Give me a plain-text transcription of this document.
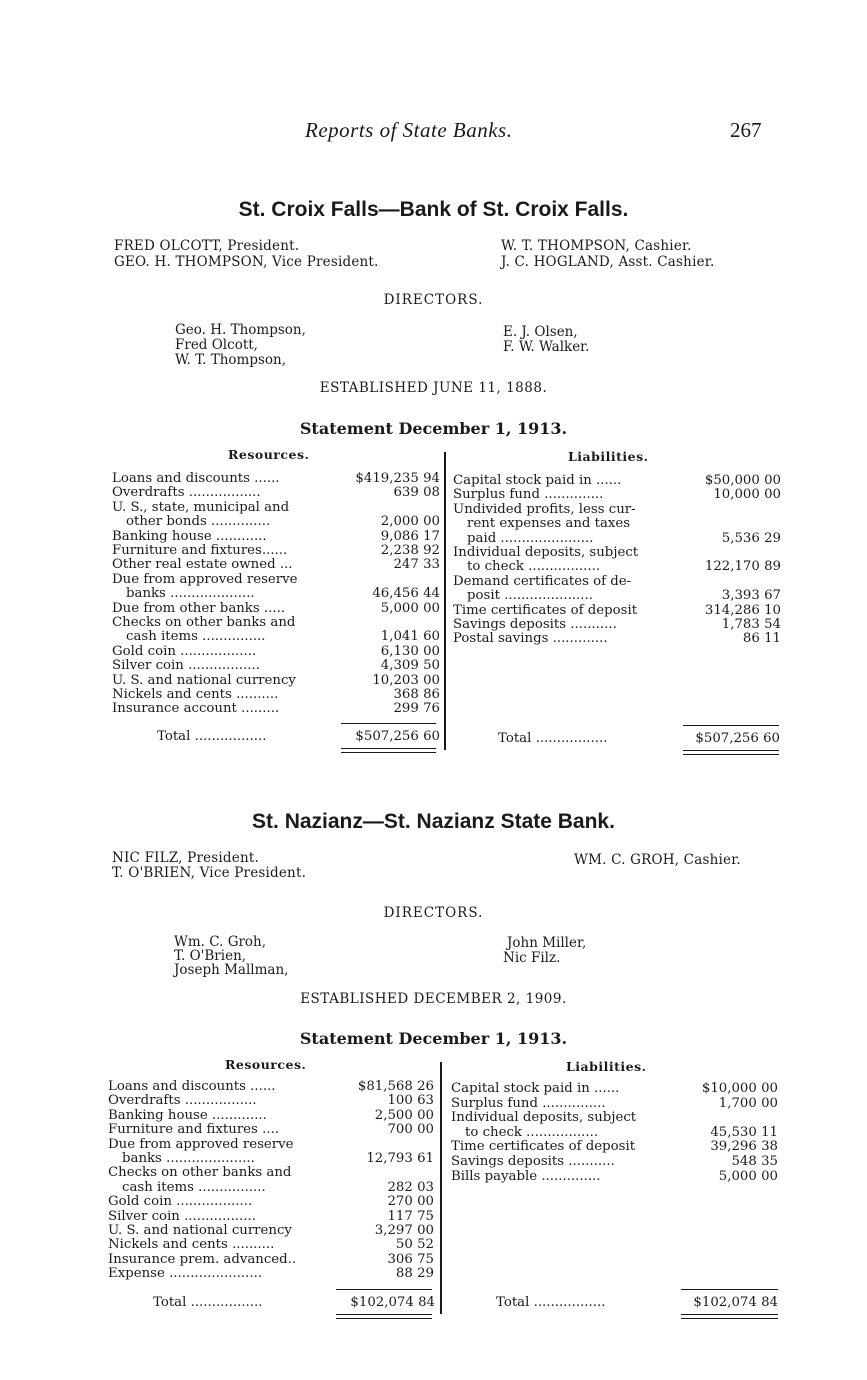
Reports of State Banks.	267
St. Croix Falls—Bank of St. Croix Falls.
FRED OLCOTT, President.
GEO. H. THOMPSON, Vice President.
W. T. THOMPSON, Cashier.
J. C. HOGLAND, Asst. Cashier.
DIRECTORS.
Geo. H. Thompson,
Fred Olcott,
W. T. Thompson,
E. J. Olsen,
F. W. Walker.
ESTABLISHED JUNE 11, 1888.
Statement December 1, 1913.
Resources.	Liabilities.
Loans and discounts ......	$419,235 94
Overdrafts .................	639 08
U. S., state, municipal and
other bonds ..............	2,000 00
Banking house ............	9,086 17
Furniture and fixtures......	2,238 92
Other real estate owned ...	247 33
Due from approved reserve
banks ....................	46,456 44
Due from other banks .....	5,000 00
Checks on other banks and
cash items ...............	1,041 60
Gold coin ..................	6,130 00
Silver coin .................	4,309 50
U. S. and national currency	10,203 00
Nickels and cents ..........	368 86
Insurance account .........	299 76
Capital stock paid in ......	$50,000 00
Surplus fund ..............	10,000 00
Undivided profits, less cur-
rent expenses and taxes
paid ......................	5,536 29
Individual deposits, subject
to check .................	122,170 89
Demand certificates of de-
posit .....................	3,393 67
Time certificates of deposit	314,286 10
Savings deposits ...........	1,783 54
Postal savings .............	86 11
Total .................	$507,256 60	Total .................	$507,256 60
St. Nazianz—St. Nazianz State Bank.
NIC FILZ, President.
T. O'BRIEN, Vice President.
WM. C. GROH, Cashier.
DIRECTORS.
Wm. C. Groh,
T. O'Brien,
Joseph Mallman,
John Miller,
Nic Filz.
ESTABLISHED DECEMBER 2, 1909.
Statement December 1, 1913.
Resources.	Liabilities.
Loans and discounts ......	$81,568 26
Overdrafts .................	100 63
Banking house .............	2,500 00
Furniture and fixtures ....	700 00
Due from approved reserve
banks .....................	12,793 61
Checks on other banks and
cash items ................	282 03
Gold coin ..................	270 00
Silver coin .................	117 75
U. S. and national currency	3,297 00
Nickels and cents ..........	50 52
Insurance prem. advanced..	306 75
Expense ......................	88 29
Capital stock paid in ......	$10,000 00
Surplus fund ...............	1,700 00
Individual deposits, subject
to check .................	45,530 11
Time certificates of deposit	39,296 38
Savings deposits ...........	548 35
Bills payable ..............	5,000 00
Total .................	$102,074 84	Total .................	$102,074 84
